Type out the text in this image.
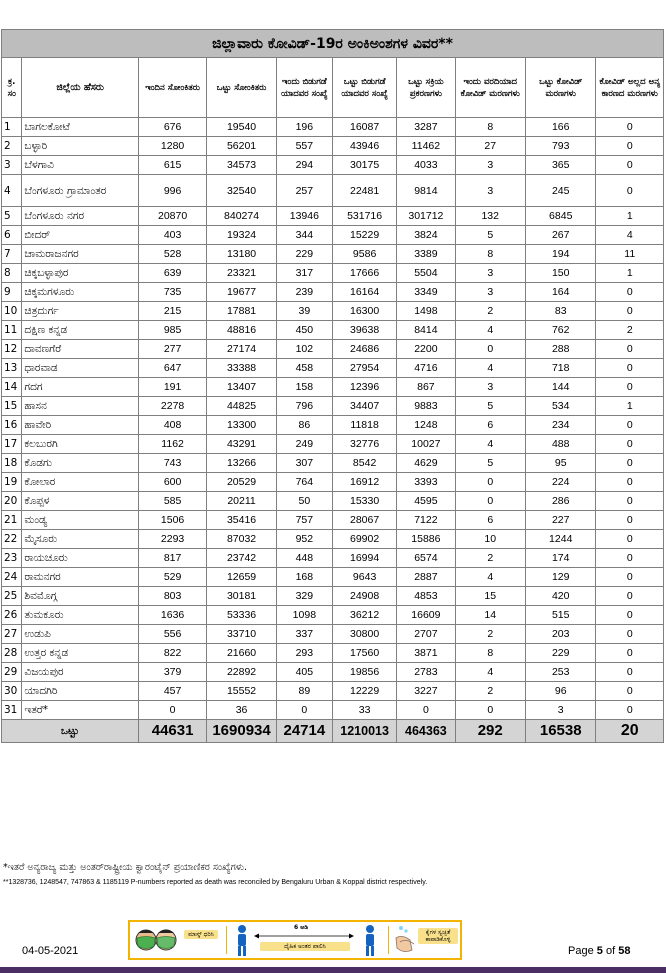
ಜಿಲ್ಲಾವಾರು ಕೋವಿಡ್-19ರ ಅಂಕಿಅಂಶಗಳ ವಿವರ**									
ಕ್ರ. ಸಂ	ಜಿಲ್ಲೆಯ ಹೆಸರು	ಇಂದಿನ ಸೋಂಕಿತರು	ಒಟ್ಟು ಸೋಂಕಿತರು	ಇಂದು ಬಿಡುಗಡೆ ಯಾದವರ ಸಂಖ್ಯೆ	ಒಟ್ಟು ಬಿಡುಗಡೆ ಯಾದವರ ಸಂಖ್ಯೆ	ಒಟ್ಟು ಸಕ್ರಿಯ ಪ್ರಕರಣಗಳು	ಇಂದು ವರದಿಯಾದ ಕೋವಿಡ್ ಮರಣಗಳು	ಒಟ್ಟು ಕೋವಿಡ್ ಮರಣಗಳು	ಕೋವಿಡ್ ಅಲ್ಲದ ಅನ್ಯ ಕಾರಣದ ಮರಣಗಳು
1	ಬಾಗಲಕೋಟೆ	676	19540	196	16087	3287	8	166	0
2	ಬಳ್ಳಾರಿ	1280	56201	557	43946	11462	27	793	0
3	ಬೆಳಗಾವಿ	615	34573	294	30175	4033	3	365	0
4	ಬೆಂಗಳೂರು ಗ್ರಾಮಾಂತರ	996	32540	257	22481	9814	3	245	0
5	ಬೆಂಗಳೂರು ನಗರ	20870	840274	13946	531716	301712	132	6845	1
6	ಬೀದರ್	403	19324	344	15229	3824	5	267	4
7	ಚಾಮರಾಜನಗರ	528	13180	229	9586	3389	8	194	11
8	ಚಿಕ್ಕಬಳ್ಳಾಪುರ	639	23321	317	17666	5504	3	150	1
9	ಚಿಕ್ಕಮಗಳೂರು	735	19677	239	16164	3349	3	164	0
10	ಚಿತ್ರದುರ್ಗ	215	17881	39	16300	1498	2	83	0
11	ದಕ್ಷಿಣ ಕನ್ನಡ	985	48816	450	39638	8414	4	762	2
12	ದಾವಣಗೆರೆ	277	27174	102	24686	2200	0	288	0
13	ಧಾರವಾಡ	647	33388	458	27954	4716	4	718	0
14	ಗದಗ	191	13407	158	12396	867	3	144	0
15	ಹಾಸನ	2278	44825	796	34407	9883	5	534	1
16	ಹಾವೇರಿ	408	13300	86	11818	1248	6	234	0
17	ಕಲಬುರಗಿ	1162	43291	249	32776	10027	4	488	0
18	ಕೊಡಗು	743	13266	307	8542	4629	5	95	0
19	ಕೋಲಾರ	600	20529	764	16912	3393	0	224	0
20	ಕೊಪ್ಪಳ	585	20211	50	15330	4595	0	286	0
21	ಮಂಡ್ಯ	1506	35416	757	28067	7122	6	227	0
22	ಮೈಸೂರು	2293	87032	952	69902	15886	10	1244	0
23	ರಾಯಚೂರು	817	23742	448	16994	6574	2	174	0
24	ರಾಮನಗರ	529	12659	168	9643	2887	4	129	0
25	ಶಿವಮೊಗ್ಗ	803	30181	329	24908	4853	15	420	0
26	ತುಮಕೂರು	1636	53336	1098	36212	16609	14	515	0
27	ಉಡುಪಿ	556	33710	337	30800	2707	2	203	0
28	ಉತ್ತರ ಕನ್ನಡ	822	21660	293	17560	3871	8	229	0
29	ವಿಜಯಪುರ	379	22892	405	19856	2783	4	253	0
30	ಯಾದಗಿರಿ	457	15552	89	12229	3227	2	96	0
31	ಇತರೆ*	0	36	0	33	0	0	3	0
ಒಟ್ಟು		44631	1690934	24714	1210013	464363	292	16538	20
*ಇತರೆ ಅನ್ಯರಾಜ್ಯ ಮತ್ತು ಅಂತರ್‌ರಾಷ್ಟ್ರೀಯ ಕ್ವಾರಂಟೈನ್ ಪ್ರಯಾಣಿಕರ ಸಂಖ್ಯೆಗಳು.
**1328736, 1248547, 747863 & 1185119 P-numbers reported as death was reconciled by Bengaluru Urban & Koppal district respectively.
ಮಾಸ್ಕ್ ಧರಿಸಿ
6 ಅಡಿ
ದೈಹಿಕ ಅಂತರ ಪಾಲಿಸಿ
ಕೈಗಳ ಸ್ವಚ್ಛತೆ ಕಾಪಾಡಿಕೊಳ್ಳಿ
04-05-2021	Page 5 of 58
